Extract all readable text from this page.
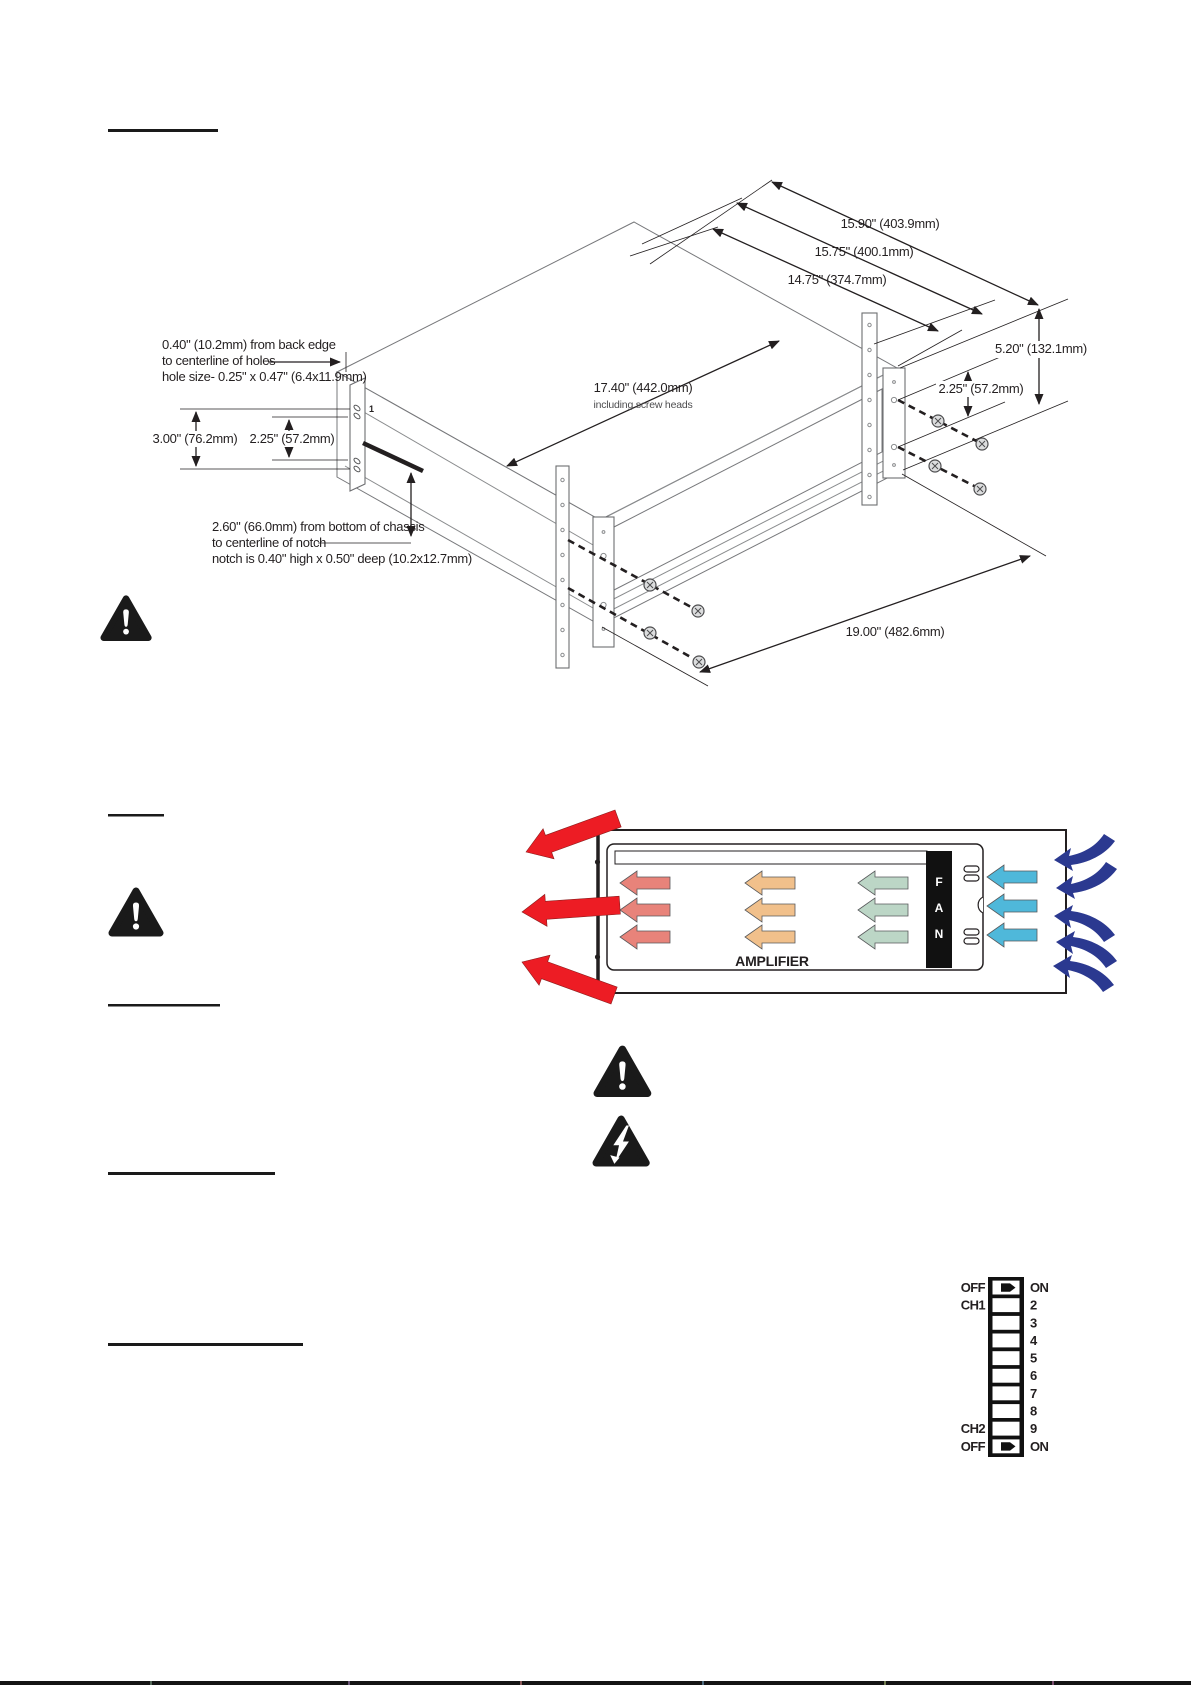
1
0.40" (10.2mm) from back edge
to centerline of holes
hole size- 0.25" x 0.47" (6.4x11.9mm)
3.00" (76.2mm) 2.25" (57.2mm)
2.60" (66.0mm) from bottom of chassis
to centerline of notch
notch is 0.40" high x 0.50" deep (10.2x12.7mm)
15.90" (403.9mm)
15.75" (400.1mm)
14.75" (374.7mm)
5.20" (132.1mm)
2.25" (57.2mm)
17.40" (442.0mm)
including screw heads
19.00" (482.6mm)
F
A
N
AMPLIFIER
OFF
CH1
CH2
OFF
ON
2
3
4
5
6
7
8
9
ON
